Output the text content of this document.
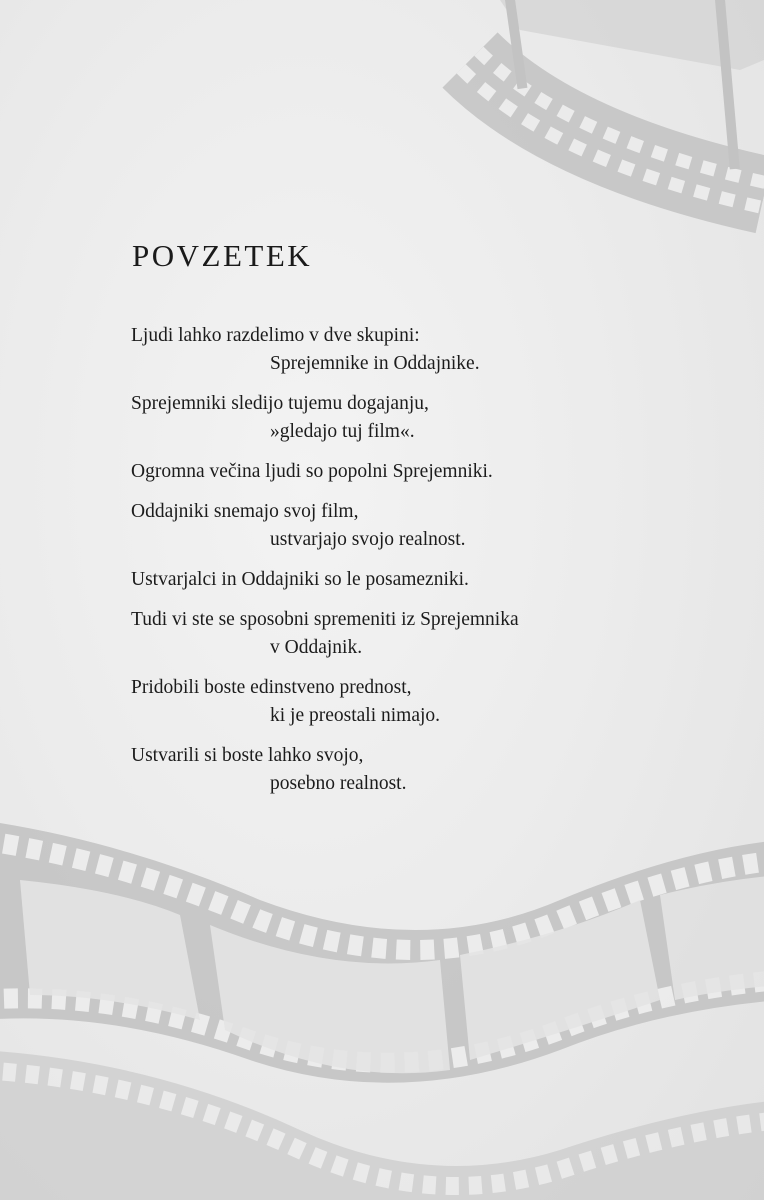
POVZETEK
Ljudi lahko razdelimo v dve skupini:
Sprejemnike in Oddajnike.
Sprejemniki sledijo tujemu dogajanju,
»gledajo tuj film«.
Ogromna večina ljudi so popolni Sprejemniki.
Oddajniki snemajo svoj film,
ustvarjajo svojo realnost.
Ustvarjalci in Oddajniki so le posamezniki.
Tudi vi ste se sposobni spremeniti iz Sprejemnika
v Oddajnik.
Pridobili boste edinstveno prednost,
ki je preostali nimajo.
Ustvarili si boste lahko svojo,
posebno realnost.
